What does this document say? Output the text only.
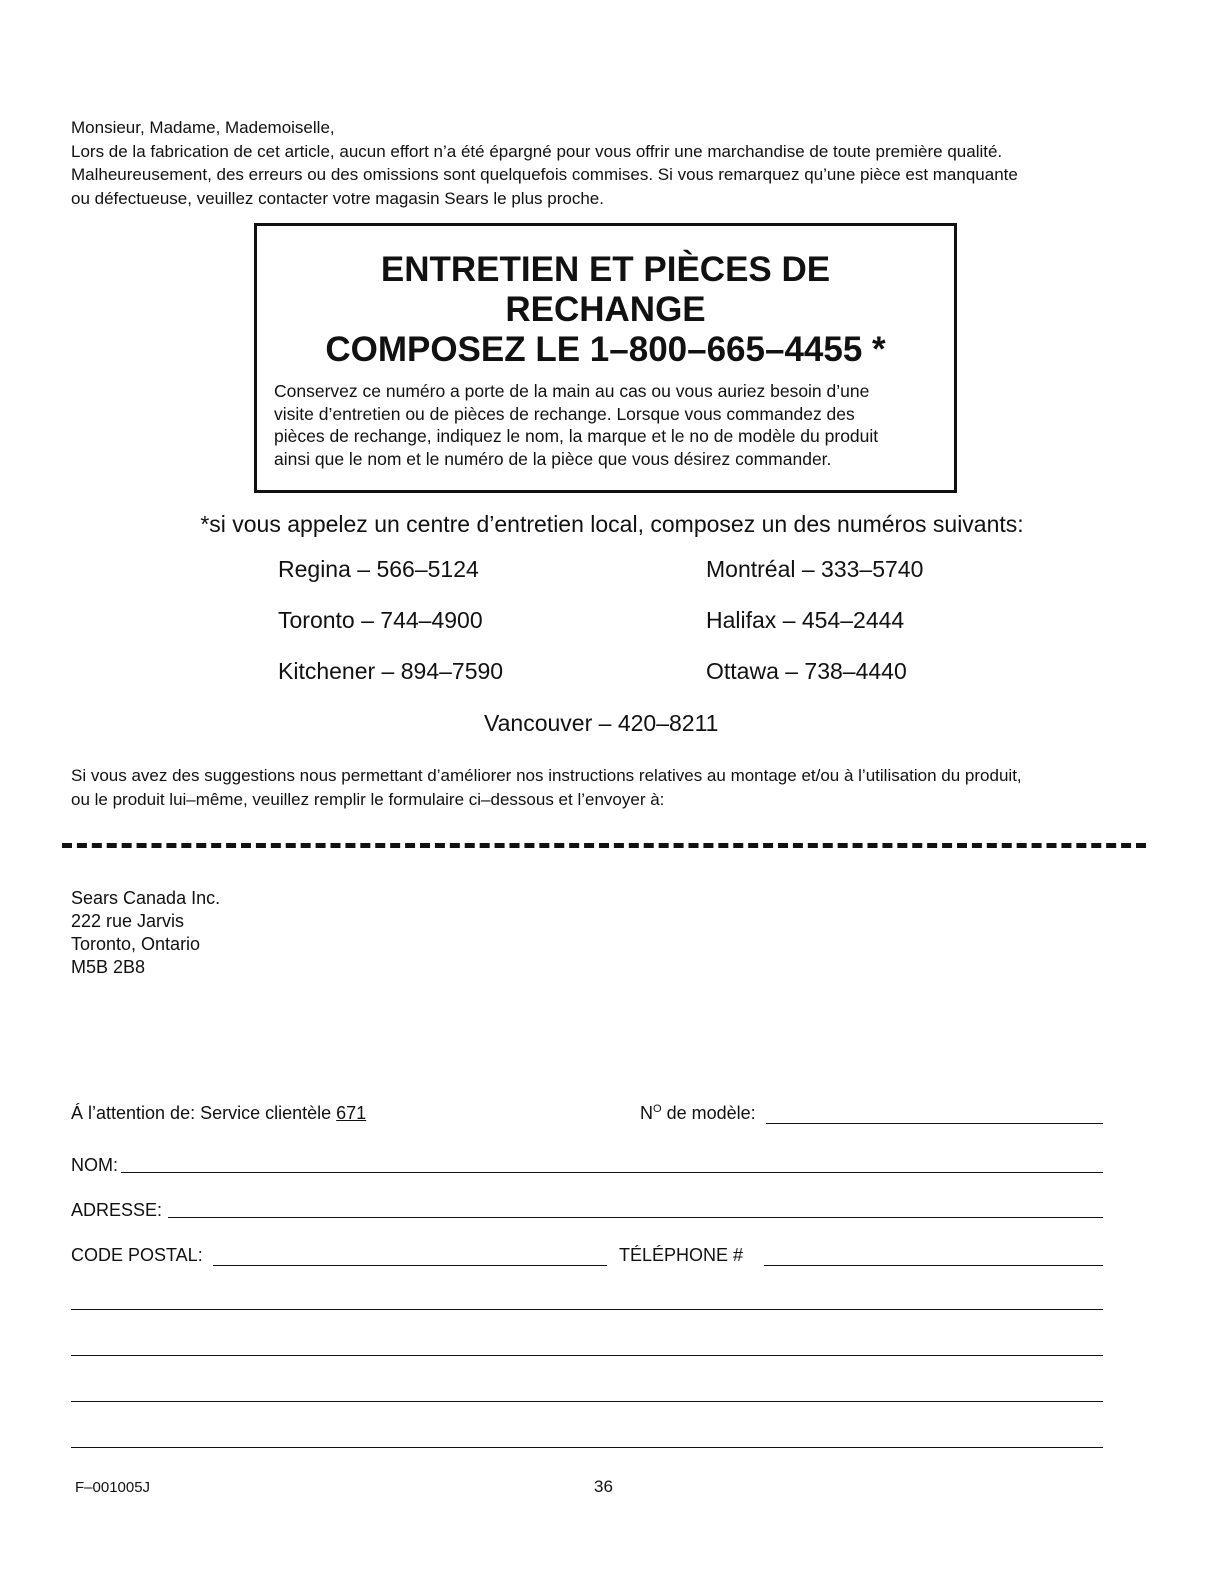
Monsieur, Madame, Mademoiselle,
Lors de la fabrication de cet article, aucun effort n’a été épargné pour vous offrir une marchandise de toute première qualité.
Malheureusement, des erreurs ou des omissions sont quelquefois commises. Si vous remarquez qu’une pièce est manquante
ou défectueuse, veuillez contacter votre magasin Sears le plus proche.
ENTRETIEN ET PIÈCES DE
RECHANGE
COMPOSEZ LE 1–800–665–4455 *
Conservez ce numéro a porte de la main au cas ou vous auriez besoin d’une
visite d’entretien ou de pièces de rechange. Lorsque vous commandez des
pièces de rechange, indiquez le nom, la marque et le no de modèle du produit
ainsi que le nom et le numéro de la pièce que vous désirez commander.
*si vous appelez un centre d’entretien local, composez un des numéros suivants:
Regina – 566–5124	Montréal – 333–5740
Toronto – 744–4900	Halifax – 454–2444
Kitchener – 894–7590	Ottawa – 738–4440
Vancouver – 420–8211
Si vous avez des suggestions nous permettant d’améliorer nos instructions relatives au montage et/ou à l’utilisation du produit,
ou le produit lui–même, veuillez remplir le formulaire ci–dessous et l’envoyer à:
Sears Canada Inc.
222 rue Jarvis
Toronto, Ontario
M5B 2B8
Á l’attention de: Service clientèle 671	$N^O$ de modèle:
NOM:
ADRESSE:
CODE POSTAL:	TÉLÉPHONE #
F–001005J	36
